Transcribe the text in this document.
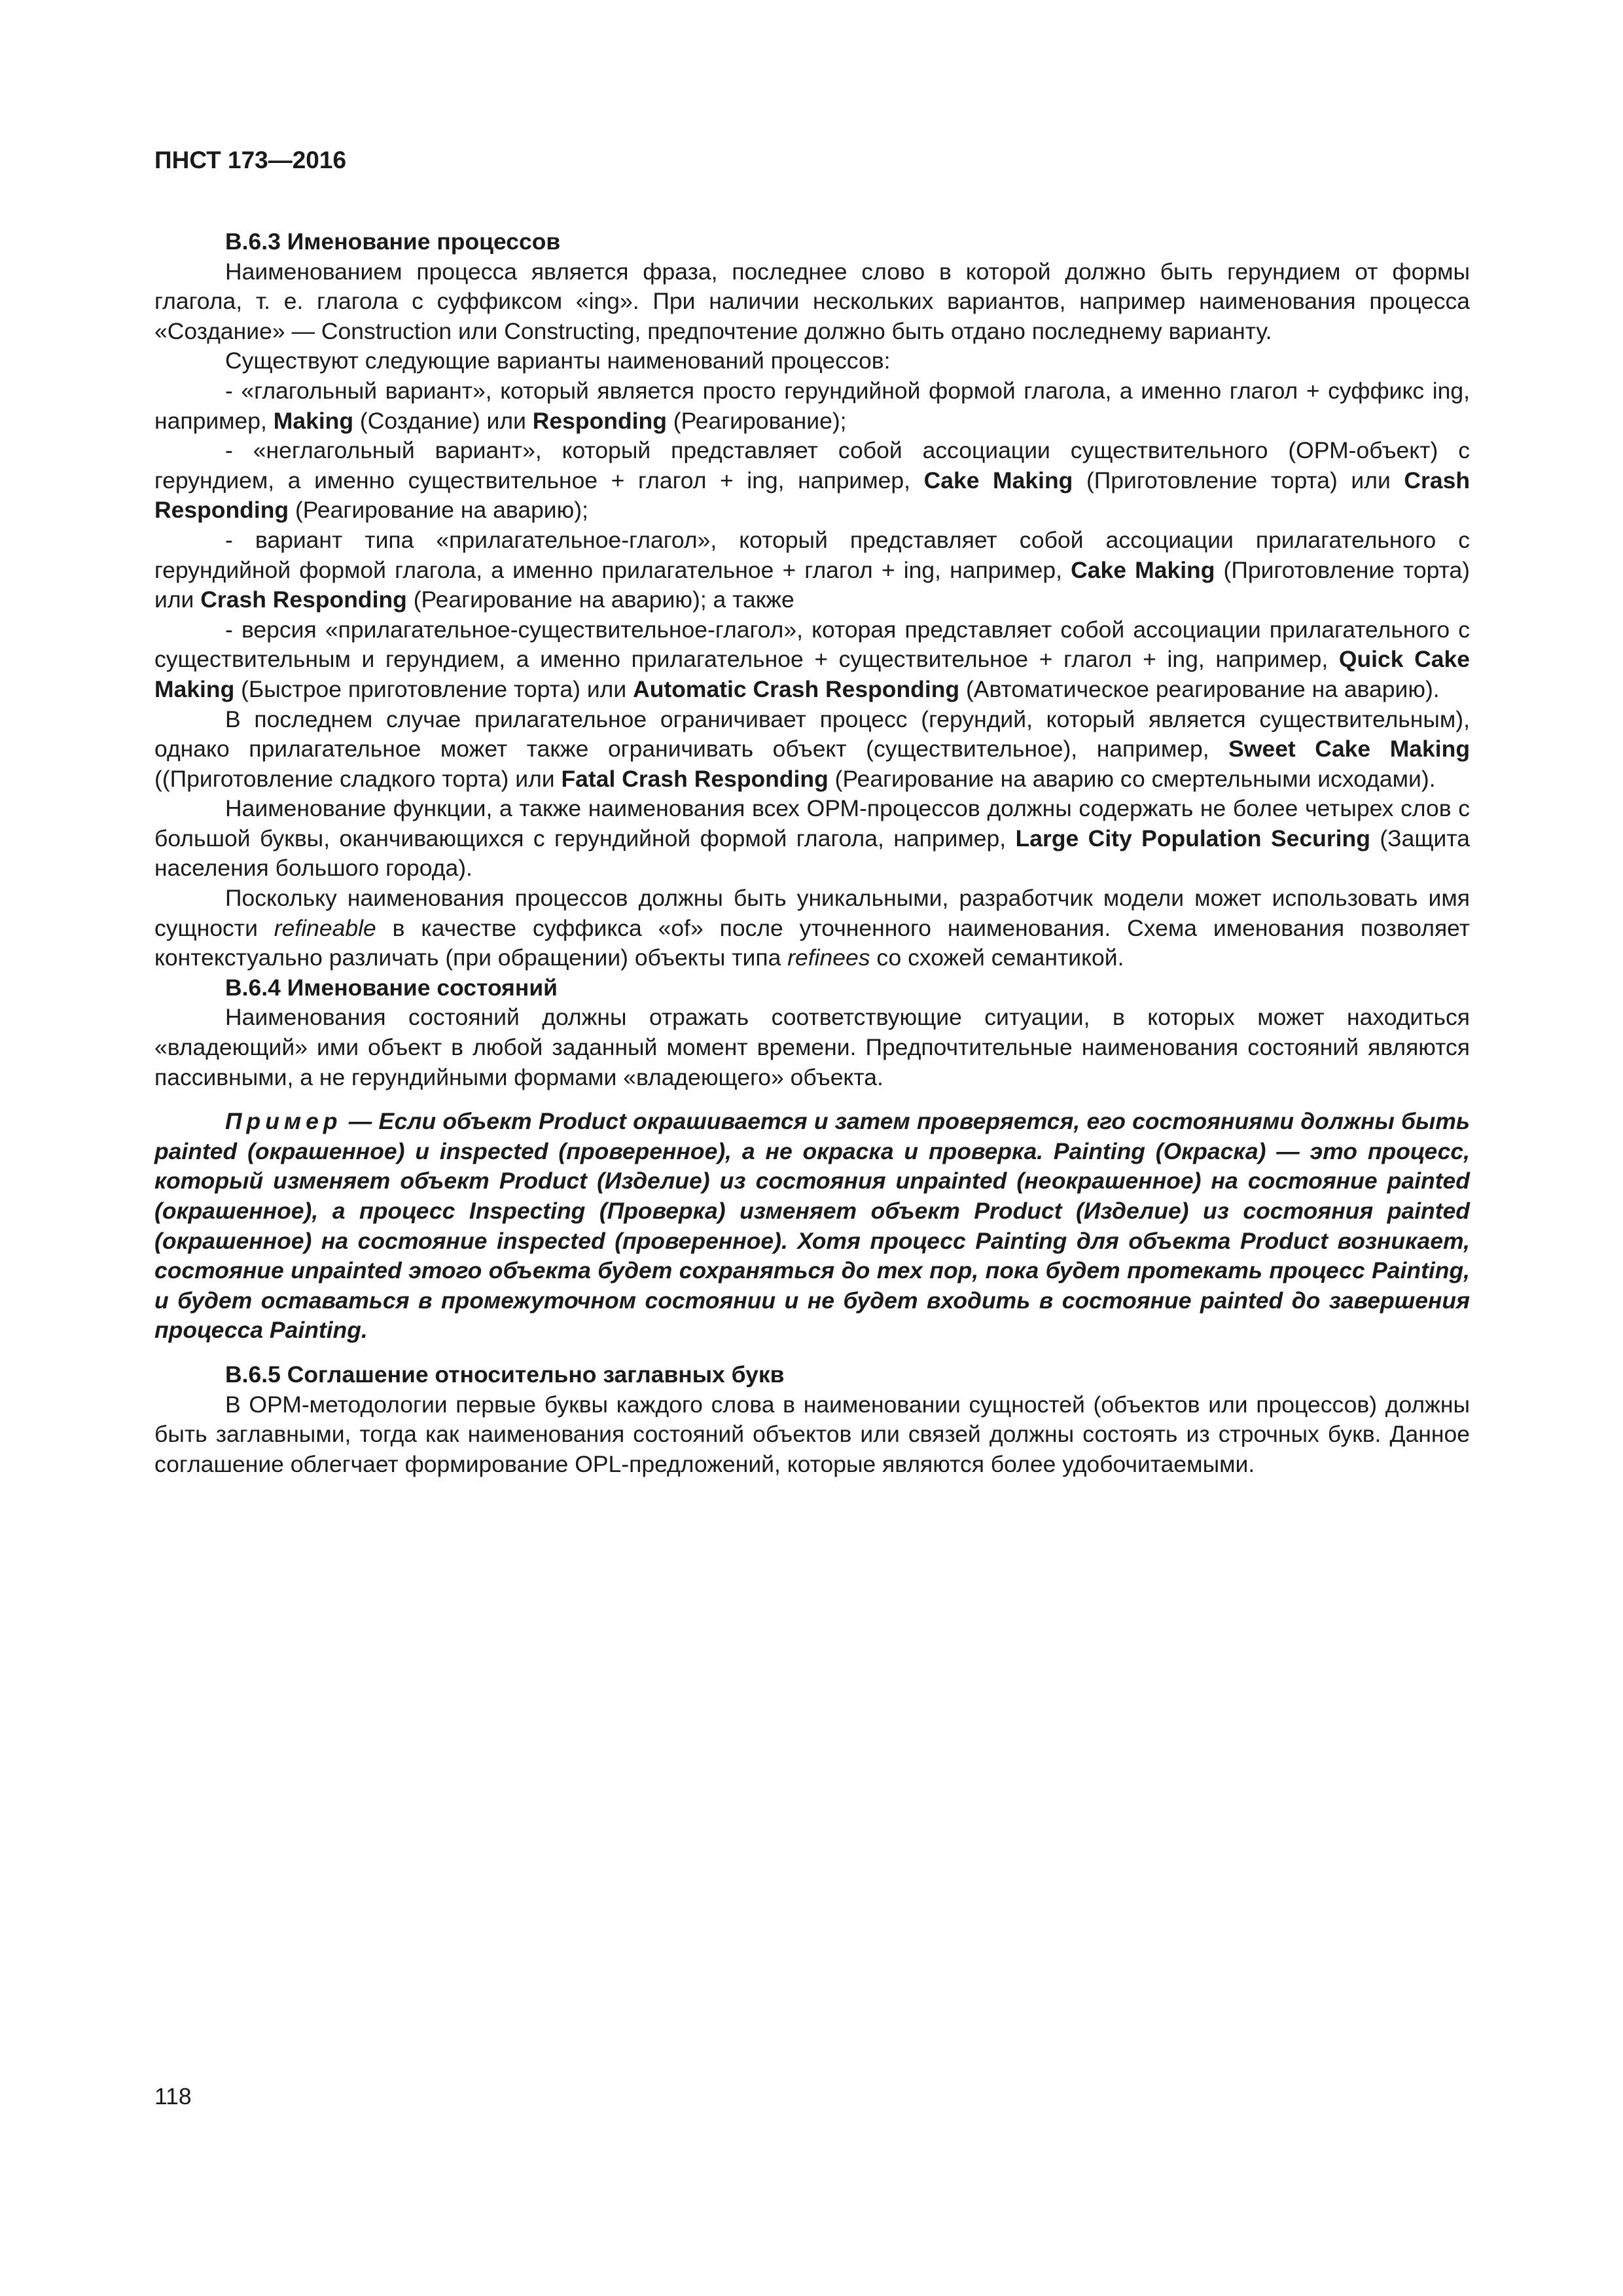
ПНСТ 173—2016

B.6.3 Именование процессов

Наименованием процесса является фраза, последнее слово в которой должно быть герундием от формы глагола, т. е. глагола с суффиксом «ing». При наличии нескольких вариантов, например наименования процесса «Создание» — Construction или Constructing, предпочтение должно быть отдано последнему варианту.

Существуют следующие варианты наименований процессов:

- «глагольный вариант», который является просто герундийной формой глагола, а именно глагол + суффикс ing, например, Making (Создание) или Responding (Реагирование);

- «неглагольный вариант», который представляет собой ассоциации существительного (ОРМ-объект) с герундием, а именно существительное + глагол + ing, например, Cake Making (Приготовление торта) или Crash Responding (Реагирование на аварию);

- вариант типа «прилагательное-глагол», который представляет собой ассоциации прилагательного с герундийной формой глагола, а именно прилагательное + глагол + ing, например, Cake Making (Приготовление торта) или Crash Responding (Реагирование на аварию); а также

- версия «прилагательное-существительное-глагол», которая представляет собой ассоциации прилагательного с существительным и герундием, а именно прилагательное + существительное + глагол + ing, например, Quick Cake Making (Быстрое приготовление торта) или Automatic Crash Responding (Автоматическое реагирование на аварию).

В последнем случае прилагательное ограничивает процесс (герундий, который является существительным), однако прилагательное может также ограничивать объект (существительное), например, Sweet Cake Making ((Приготовление сладкого торта) или Fatal Crash Responding (Реагирование на аварию со смертельными исходами).

Наименование функции, а также наименования всех ОРМ-процессов должны содержать не более четырех слов с большой буквы, оканчивающихся с герундийной формой глагола, например, Large City Population Securing (Защита населения большого города).

Поскольку наименования процессов должны быть уникальными, разработчик модели может использовать имя сущности refineable в качестве суффикса «of» после уточненного наименования. Схема именования позволяет контекстуально различать (при обращении) объекты типа refinees со схожей семантикой.

B.6.4 Именование состояний

Наименования состояний должны отражать соответствующие ситуации, в которых может находиться «владеющий» ими объект в любой заданный момент времени. Предпочтительные наименования состояний являются пассивными, а не герундийными формами «владеющего» объекта.

Пример — Если объект Product окрашивается и затем проверяется, его состояниями должны быть painted (окрашенное) и inspected (проверенное), а не окраска и проверка. Painting (Окраска) — это процесс, который изменяет объект Product (Изделие) из состояния unpainted (неокрашенное) на состояние painted (окрашенное), а процесс Inspecting (Проверка) изменяет объект Product (Изделие) из состояния painted (окрашенное) на состояние inspected (проверенное). Хотя процесс Painting для объекта Product возникает, состояние unpainted этого объекта будет сохраняться до тех пор, пока будет протекать процесс Painting, и будет оставаться в промежуточном состоянии и не будет входить в состояние painted до завершения процесса Painting.

B.6.5 Соглашение относительно заглавных букв

В ОРМ-методологии первые буквы каждого слова в наименовании сущностей (объектов или процессов) должны быть заглавными, тогда как наименования состояний объектов или связей должны состоять из строчных букв. Данное соглашение облегчает формирование OPL-предложений, которые являются более удобочитаемыми.

118
